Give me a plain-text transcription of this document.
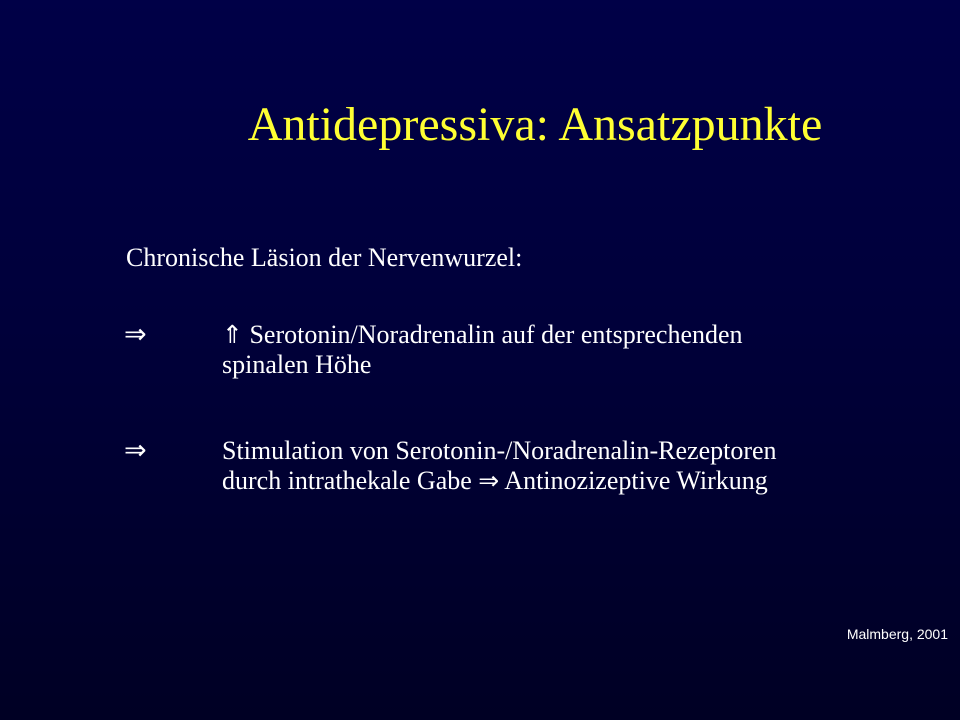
Antidepressiva: Ansatzpunkte
Chronische Läsion der Nervenwurzel:
⇒	⇑ Serotonin/Noradrenalin auf der entsprechenden
spinalen Höhe
⇒	Stimulation von Serotonin-/Noradrenalin-Rezeptoren
durch intrathekale Gabe ⇒ Antinozizeptive Wirkung
Malmberg, 2001
